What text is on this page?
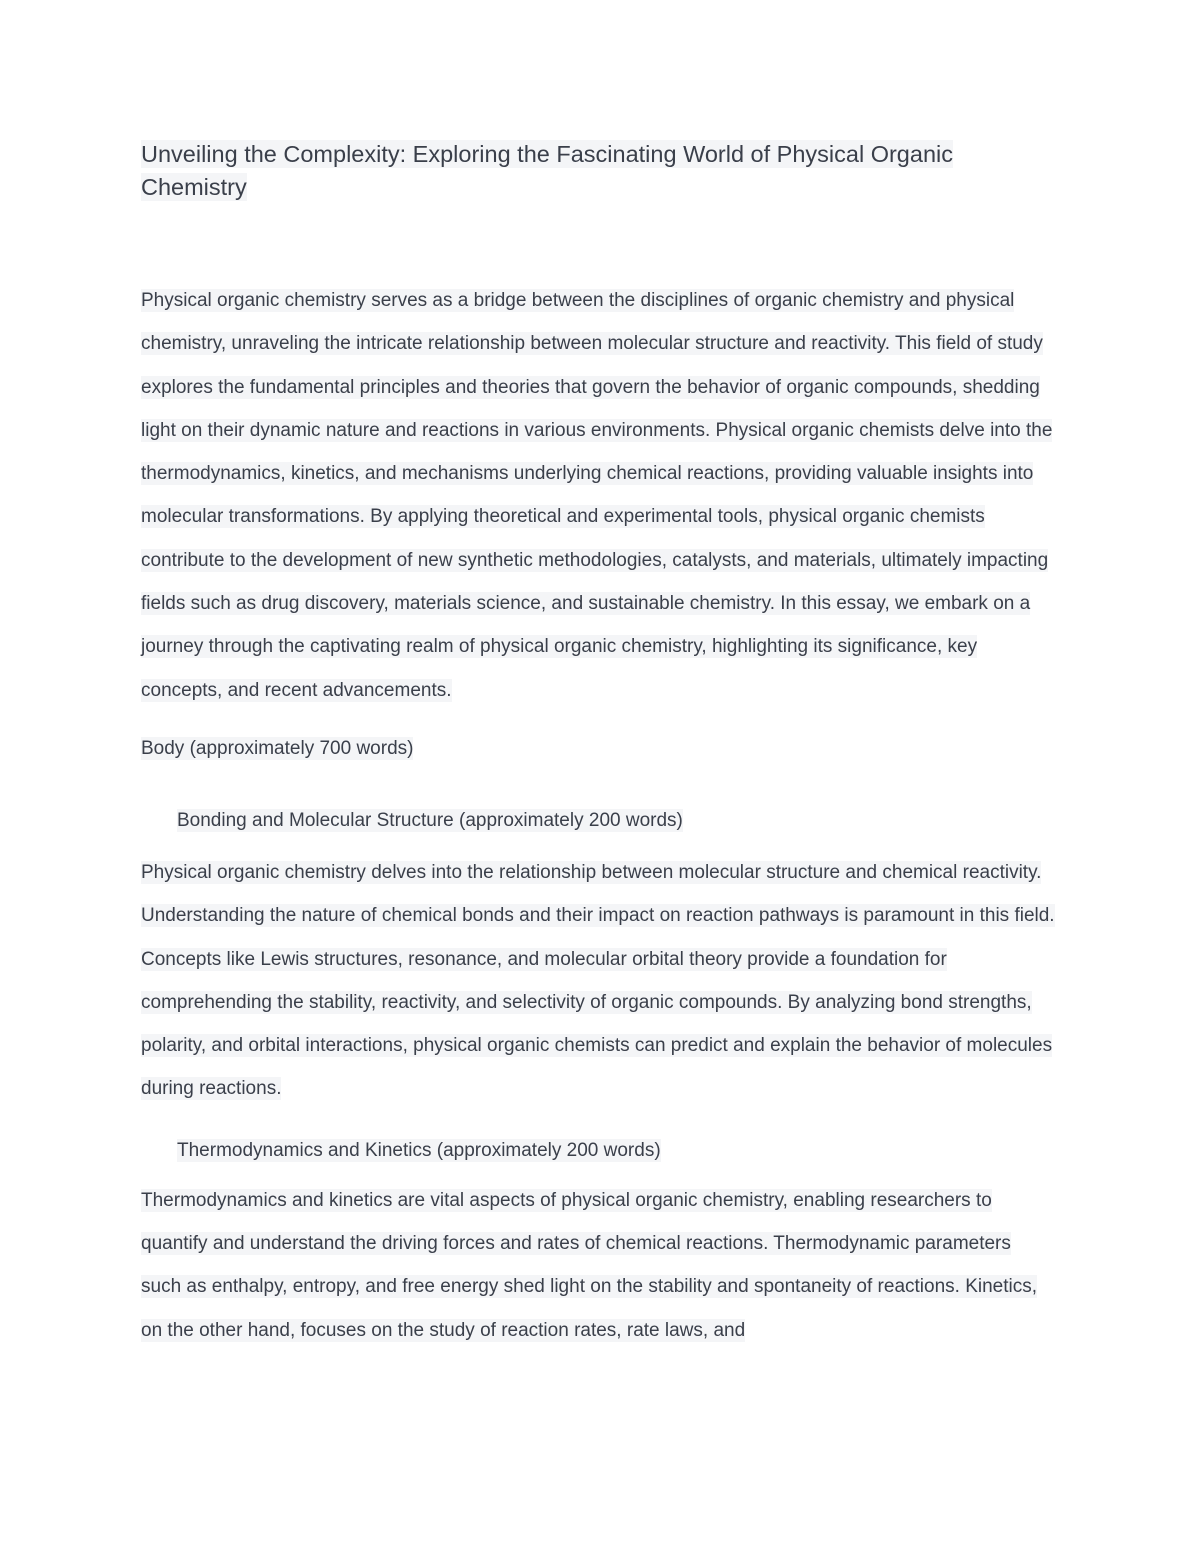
Unveiling the Complexity: Exploring the Fascinating World of Physical Organic Chemistry

Physical organic chemistry serves as a bridge between the disciplines of organic chemistry and physical chemistry, unraveling the intricate relationship between molecular structure and reactivity. This field of study explores the fundamental principles and theories that govern the behavior of organic compounds, shedding light on their dynamic nature and reactions in various environments. Physical organic chemists delve into the thermodynamics, kinetics, and mechanisms underlying chemical reactions, providing valuable insights into molecular transformations. By applying theoretical and experimental tools, physical organic chemists contribute to the development of new synthetic methodologies, catalysts, and materials, ultimately impacting fields such as drug discovery, materials science, and sustainable chemistry. In this essay, we embark on a journey through the captivating realm of physical organic chemistry, highlighting its significance, key concepts, and recent advancements.

Body (approximately 700 words)

Bonding and Molecular Structure (approximately 200 words)

Physical organic chemistry delves into the relationship between molecular structure and chemical reactivity. Understanding the nature of chemical bonds and their impact on reaction pathways is paramount in this field. Concepts like Lewis structures, resonance, and molecular orbital theory provide a foundation for comprehending the stability, reactivity, and selectivity of organic compounds. By analyzing bond strengths, polarity, and orbital interactions, physical organic chemists can predict and explain the behavior of molecules during reactions.

Thermodynamics and Kinetics (approximately 200 words)

Thermodynamics and kinetics are vital aspects of physical organic chemistry, enabling researchers to quantify and understand the driving forces and rates of chemical reactions. Thermodynamic parameters such as enthalpy, entropy, and free energy shed light on the stability and spontaneity of reactions. Kinetics, on the other hand, focuses on the study of reaction rates, rate laws, and
